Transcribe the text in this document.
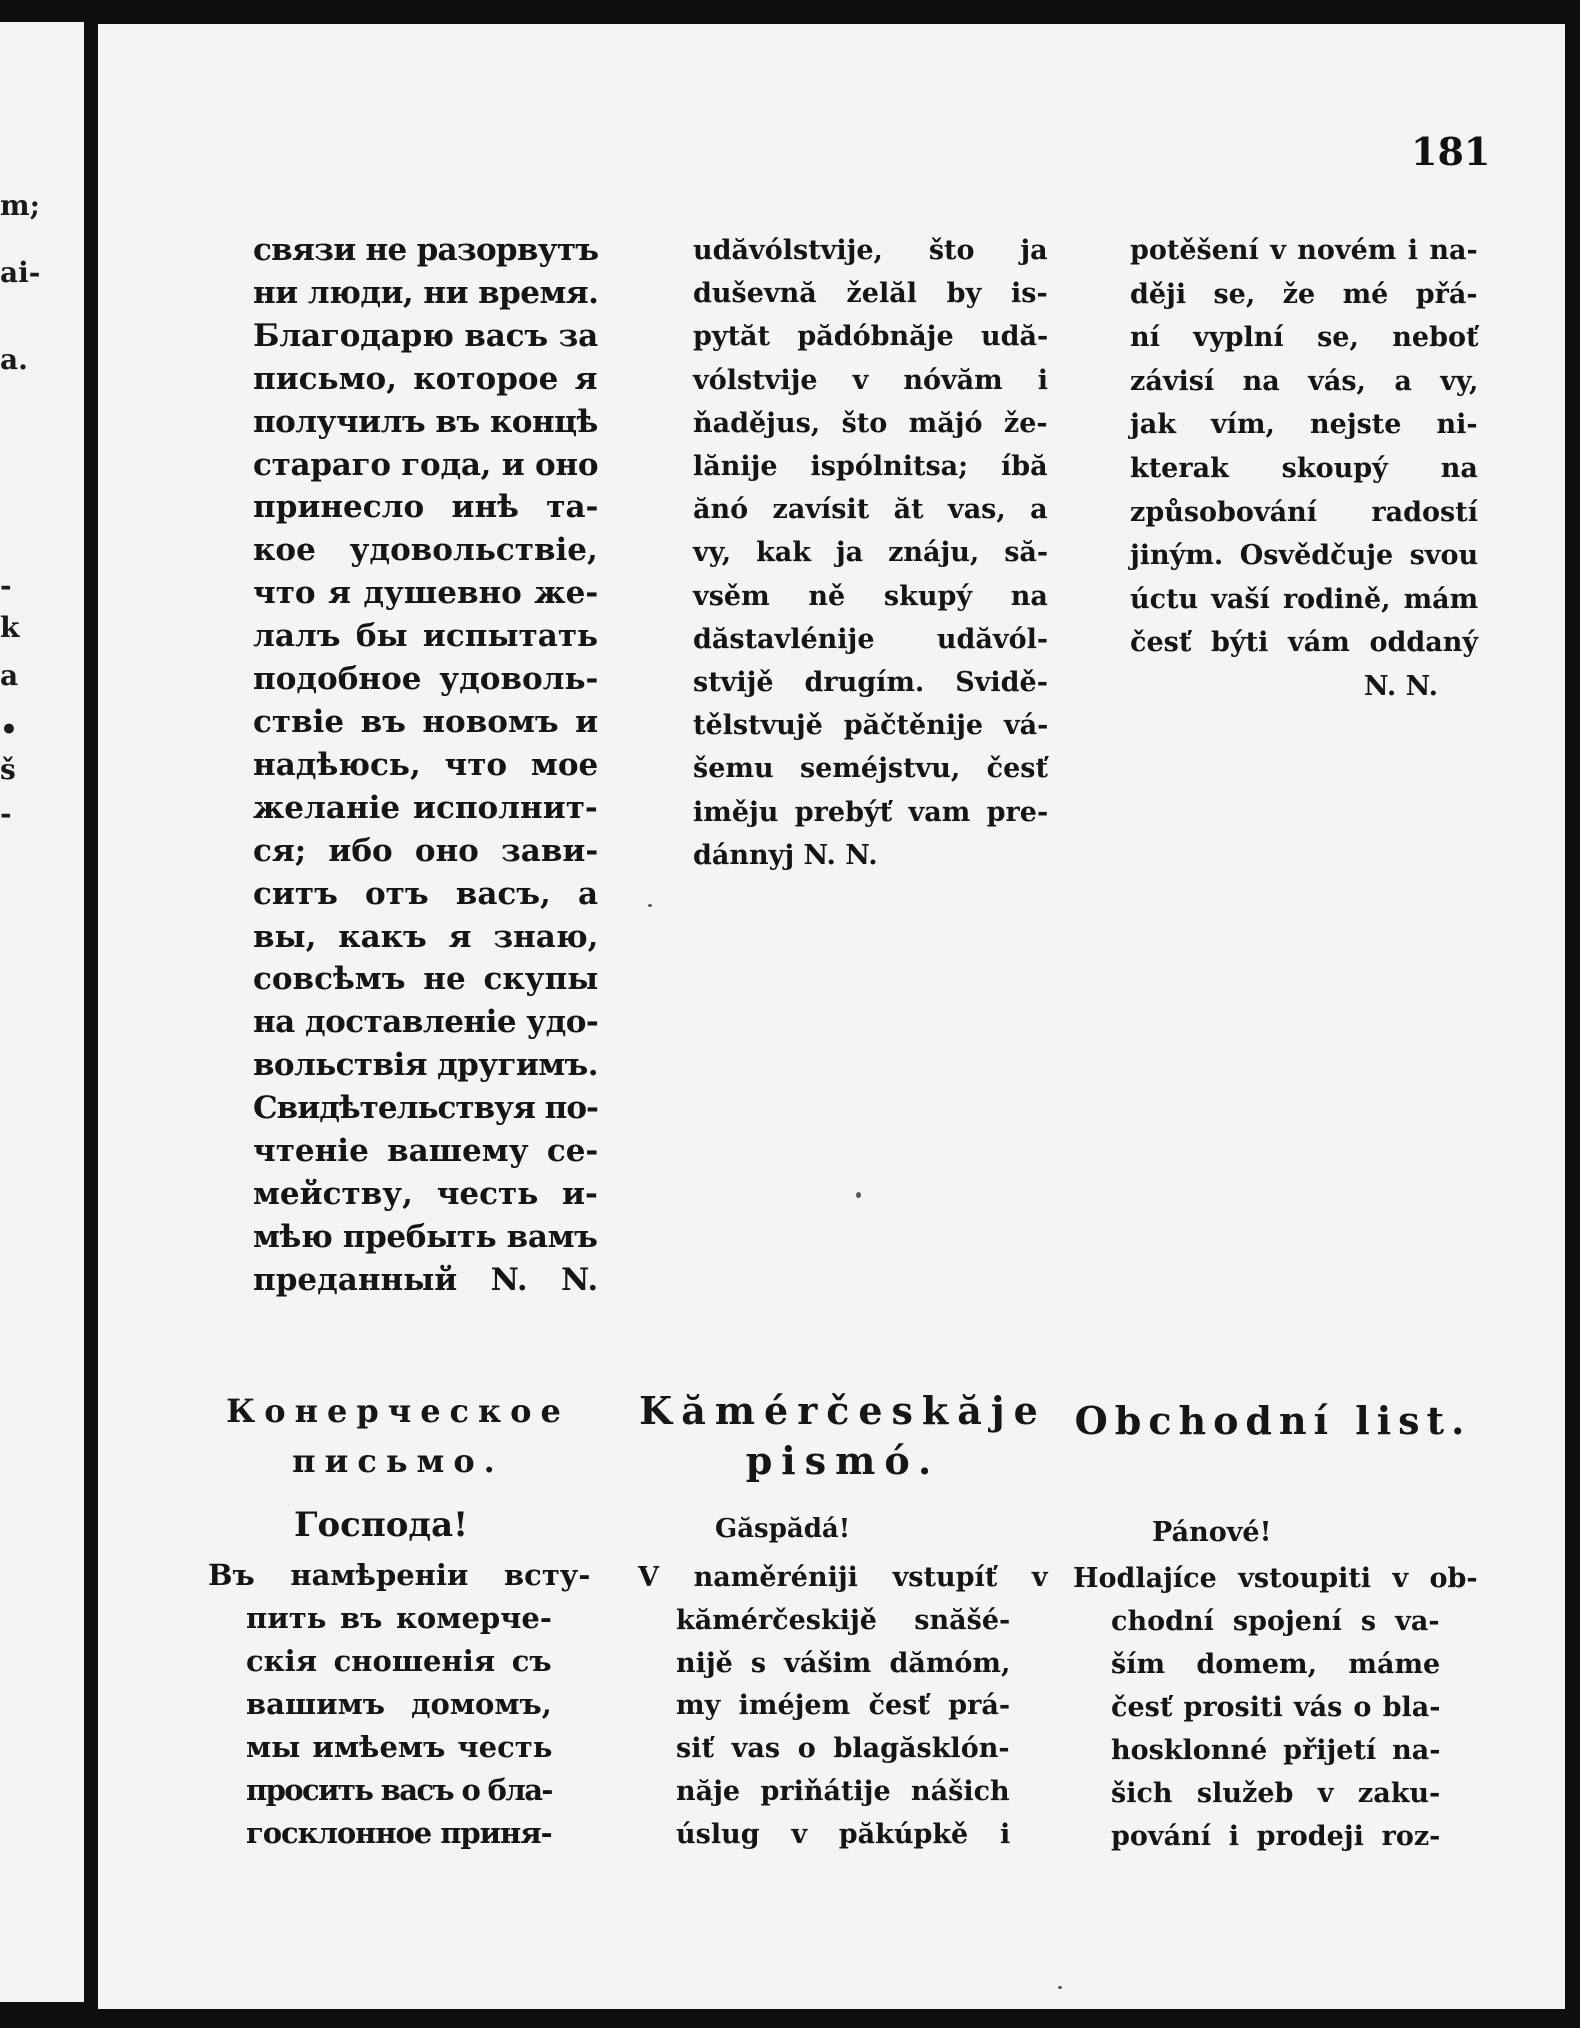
m;
ai-
a.
-
k
a
•
š
-
181
связи не разорвутъ
ни люди, ни время.
Благодарю васъ за
письмо, которое я
получилъ въ концѣ
стараго года, и оно
принесло инѣ та-
кое удовольствіе,
что я душевно же-
лалъ бы испытать
подобное удоволь-
ствіе въ новомъ и
надѣюсь, что мое
желаніе исполнит-
ся; ибо оно зави-
ситъ отъ васъ, а
вы, какъ я знаю,
совсѣмъ не скупы
на доставленіе удо-
вольствія другимъ.
Свидѣтельствуя по-
чтеніе вашему се-
мейству, честь и-
мѣю пребыть вамъ
преданный N. N.
udăvólstvije, što ja
duševnă želăl by is-
pytăt pădóbnăje udă-
vólstvije v nóvăm i
ňadějus, što măjó že-
lănije ispólnitsa; íbă
ănó zavísit ăt vas, a
vy, kak ja znáju, să-
vsěm ně skupý na
dăstavlénije udăvól-
stvijě drugím. Svidě-
tělstvujě păčtěnije vá-
šemu seméjstvu, česť
iměju prebýť vam pre-
dánnyj N. N.
potěšení v novém i na-
ději se, že mé přá-
ní vyplní se, neboť
závisí na vás, a vy,
jak vím, nejste ni-
kterak skoupý na
způsobování radostí
jiným. Osvědčuje svou
úctu vaší rodině, mám
česť býti vám oddaný
N. N.
Конерческое
письмо.
Kămérčeskăje
pismó.
Obchodní list.
Господа!	Găspădá!	Pánové!
Въ намѣреніи всту-
пить въ комерче-
скія сношенія съ
вашимъ домомъ,
мы имѣемъ честь
просить васъ о бла-
госклонное приня-
V naměréniji vstupíť v
kămérčeskijě snăšé-
nijě s vášim dămóm,
my iméjem česť prá-
siť vas o blagăsklón-
năje priňátije nášich
úslug v păkúpkě i
Hodlajíce vstoupiti v ob-
chodní spojení s va-
ším domem, máme
česť prositi vás o bla-
hosklonné přijetí na-
šich služeb v zaku-
pování i prodeji roz-
